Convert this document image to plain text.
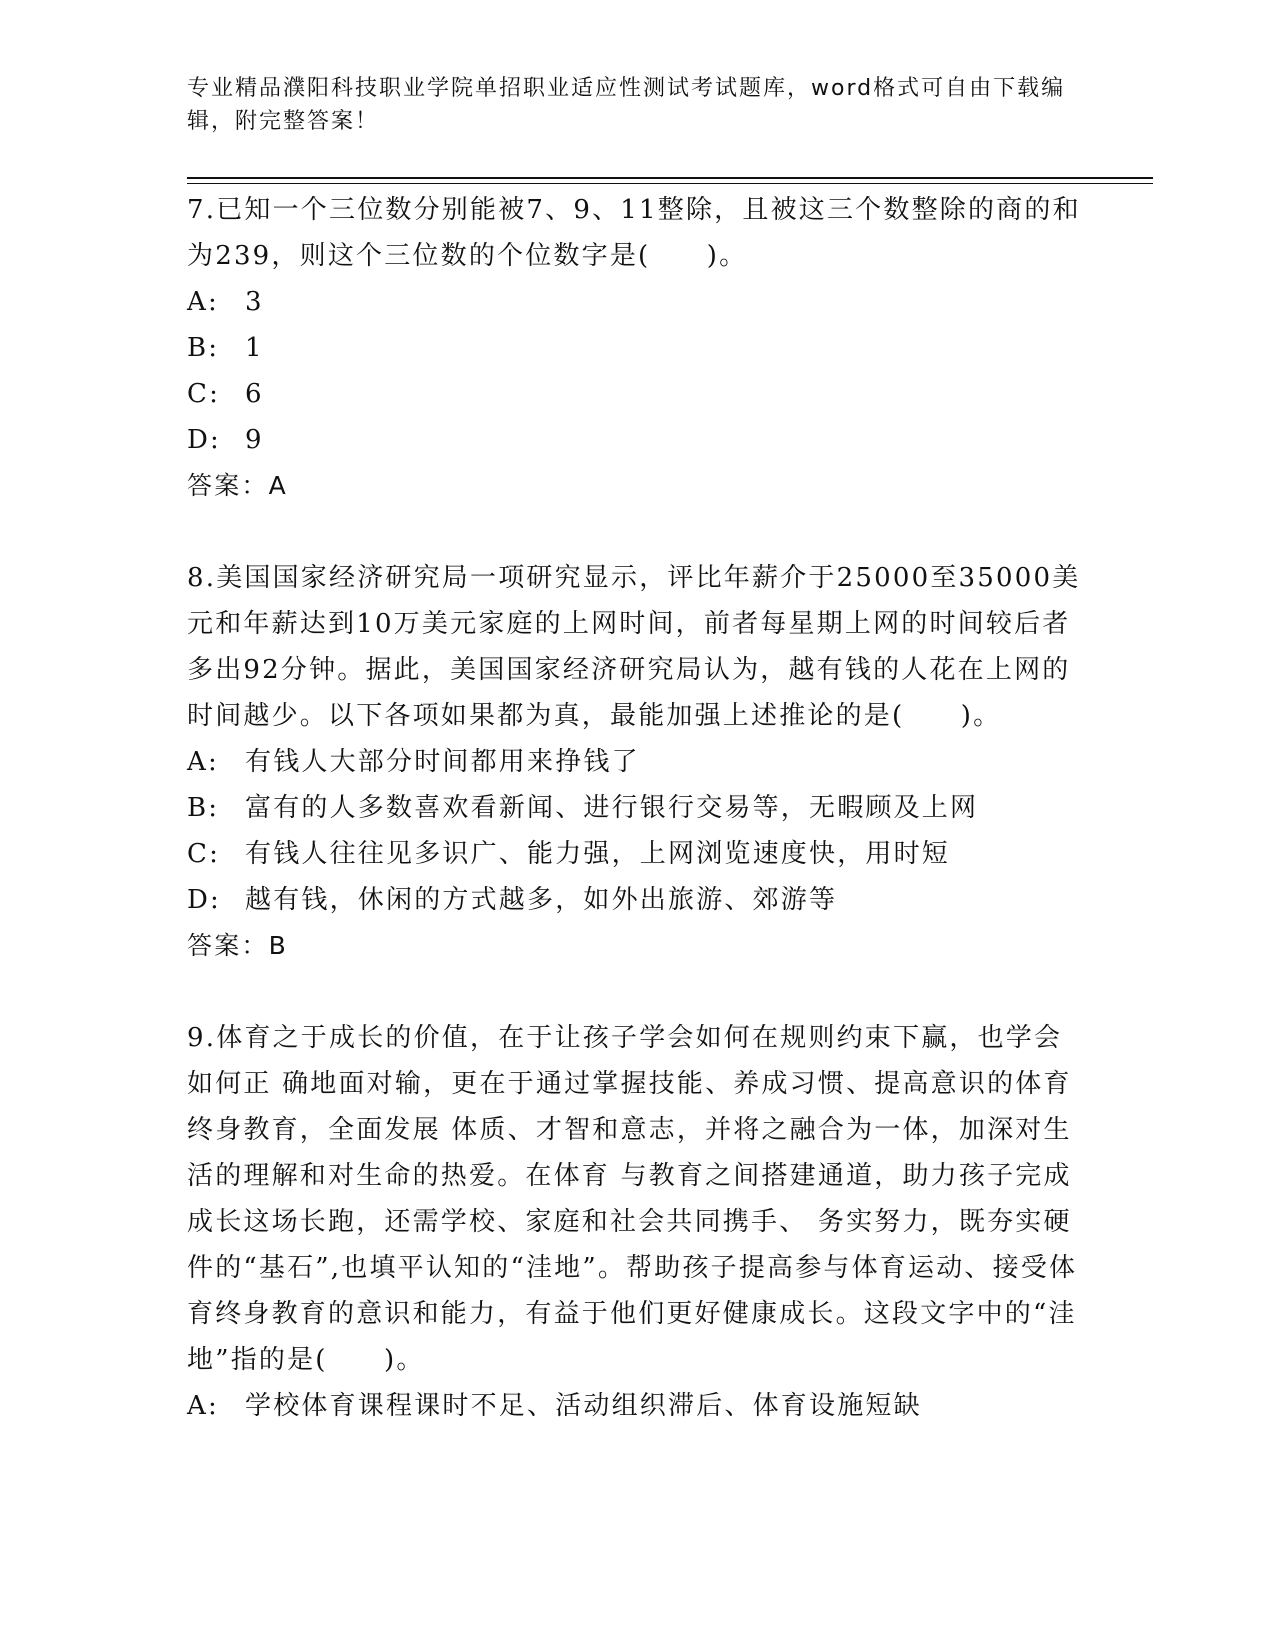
专业精品濮阳科技职业学院单招职业适应性测试考试题库，word格式可自由下载编辑，附完整答案！

7.已知一个三位数分别能被7、9、11整除，且被这三个数整除的商的和为239，则这个三位数的个位数字是(　　)。

A: 3

B: 1

C: 6

D: 9

答案：A

8.美国国家经济研究局一项研究显示，评比年薪介于25000至35000美元和年薪达到10万美元家庭的上网时间，前者每星期上网的时间较后者多出92分钟。据此，美国国家经济研究局认为，越有钱的人花在上网的时间越少。以下各项如果都为真，最能加强上述推论的是(　　)。

A: 有钱人大部分时间都用来挣钱了

B: 富有的人多数喜欢看新闻、进行银行交易等，无暇顾及上网

C: 有钱人往往见多识广、能力强，上网浏览速度快，用时短

D: 越有钱，休闲的方式越多，如外出旅游、郊游等

答案：B

9.体育之于成长的价值，在于让孩子学会如何在规则约束下赢，也学会如何正 确地面对输，更在于通过掌握技能、养成习惯、提高意识的体育终身教育，全面发展 体质、才智和意志，并将之融合为一体，加深对生活的理解和对生命的热爱。在体育 与教育之间搭建通道，助力孩子完成成长这场长跑，还需学校、家庭和社会共同携手、 务实努力，既夯实硬件的“基石”,也填平认知的“洼地”。帮助孩子提高参与体育运动、接受体育终身教育的意识和能力，有益于他们更好健康成长。这段文字中的“洼地”指的是(　　)。

A: 学校体育课程课时不足、活动组织滞后、体育设施短缺
